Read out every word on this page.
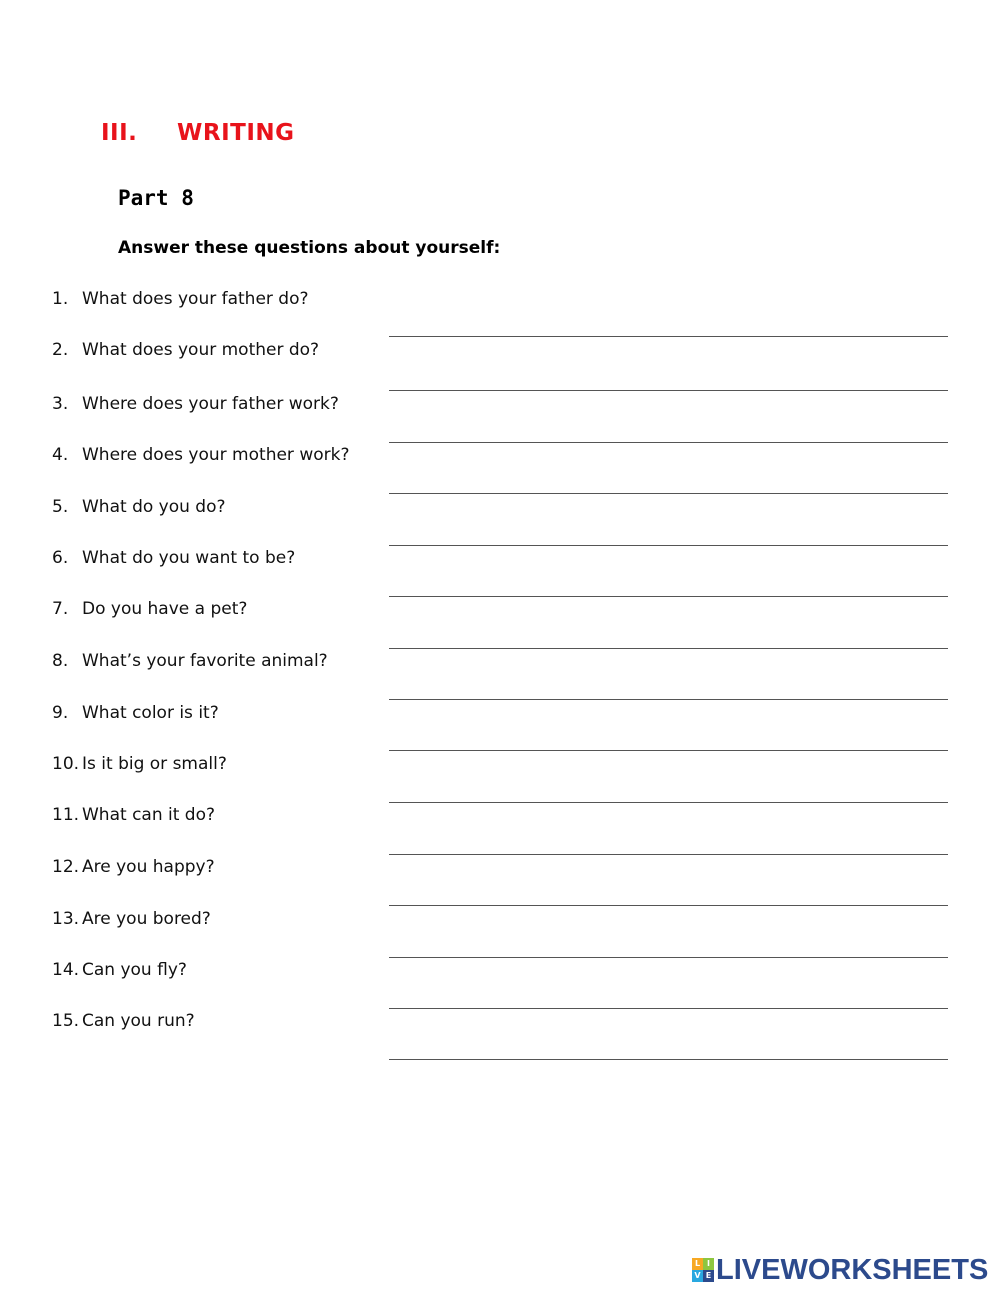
III. WRITING
Part 8
Answer these questions about yourself:
1. What does your father do?
2. What does your mother do?
3. Where does your father work?
4. Where does your mother work?
5. What do you do?
6. What do you want to be?
7. Do you have a pet?
8. What’s your favorite animal?
9. What color is it?
10. Is it big or small?
11. What can it do?
12. Are you happy?
13. Are you bored?
14. Can you fly?
15. Can you run?
L I
V E LIVEWORKSHEETS
